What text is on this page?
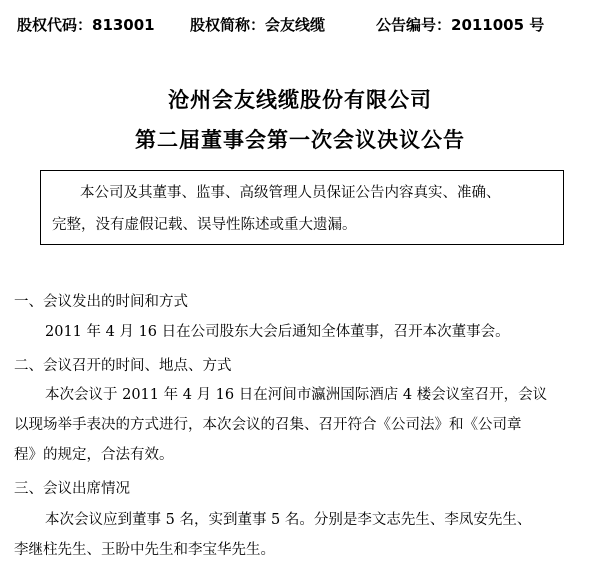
股权代码：813001 股权简称：会友线缆	公告编号：2011005 号
沧州会友线缆股份有限公司
第二届董事会第一次会议决议公告
本公司及其董事、监事、高级管理人员保证公告内容真实、准确、
完整，没有虚假记载、误导性陈述或重大遗漏。
一、会议发出的时间和方式
2011 年 4 月 16 日在公司股东大会后通知全体董事，召开本次董事会。
二、会议召开的时间、地点、方式
本次会议于 2011 年 4 月 16 日在河间市瀛洲国际酒店 4 楼会议室召开，会议
以现场举手表决的方式进行，本次会议的召集、召开符合《公司法》和《公司章
程》的规定，合法有效。
三、会议出席情况
本次会议应到董事 5 名，实到董事 5 名。分别是李文志先生、李凤安先生、
李继柱先生、王盼中先生和李宝华先生。
